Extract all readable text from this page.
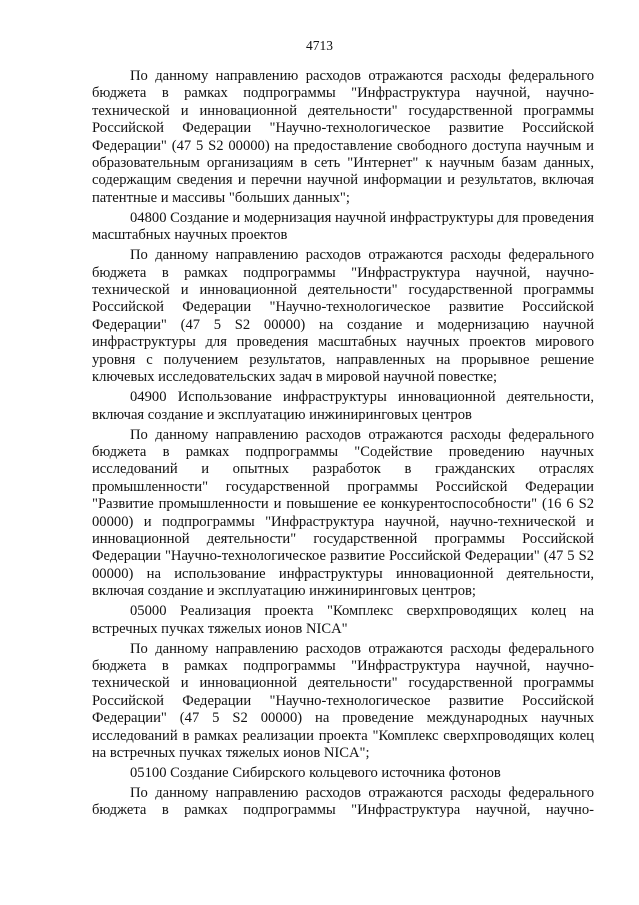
4713

По данному направлению расходов отражаются расходы федерального бюджета в рамках подпрограммы "Инфраструктура научной, научно-технической и инновационной деятельности" государственной программы Российской Федерации "Научно-технологическое развитие Российской Федерации" (47 5 S2 00000) на предоставление свободного доступа научным и образовательным организациям в сеть "Интернет" к научным базам данных, содержащим сведения и перечни научной информации и результатов, включая патентные и массивы "больших данных";

04800 Создание и модернизация научной инфраструктуры для проведения масштабных научных проектов

По данному направлению расходов отражаются расходы федерального бюджета в рамках подпрограммы "Инфраструктура научной, научно-технической и инновационной деятельности" государственной программы Российской Федерации "Научно-технологическое развитие Российской Федерации" (47 5 S2 00000) на создание и модернизацию научной инфраструктуры для проведения масштабных научных проектов мирового уровня с получением результатов, направленных на прорывное решение ключевых исследовательских задач в мировой научной повестке;

04900 Использование инфраструктуры инновационной деятельности, включая создание и эксплуатацию инжиниринговых центров

По данному направлению расходов отражаются расходы федерального бюджета в рамках подпрограммы "Содействие проведению научных исследований и опытных разработок в гражданских отраслях промышленности" государственной программы Российской Федерации "Развитие промышленности и повышение ее конкурентоспособности" (16 6 S2 00000) и подпрограммы "Инфраструктура научной, научно-технической и инновационной деятельности" государственной программы Российской Федерации "Научно-технологическое развитие Российской Федерации" (47 5 S2 00000) на использование инфраструктуры инновационной деятельности, включая создание и эксплуатацию инжиниринговых центров;

05000 Реализация проекта "Комплекс сверхпроводящих колец на встречных пучках тяжелых ионов NICA"

По данному направлению расходов отражаются расходы федерального бюджета в рамках подпрограммы "Инфраструктура научной, научно-технической и инновационной деятельности" государственной программы Российской Федерации "Научно-технологическое развитие Российской Федерации" (47 5 S2 00000) на проведение международных научных исследований в рамках реализации проекта "Комплекс сверхпроводящих колец на встречных пучках тяжелых ионов NICA";

05100 Создание Сибирского кольцевого источника фотонов

По данному направлению расходов отражаются расходы федерального бюджета в рамках подпрограммы "Инфраструктура научной, научно-
